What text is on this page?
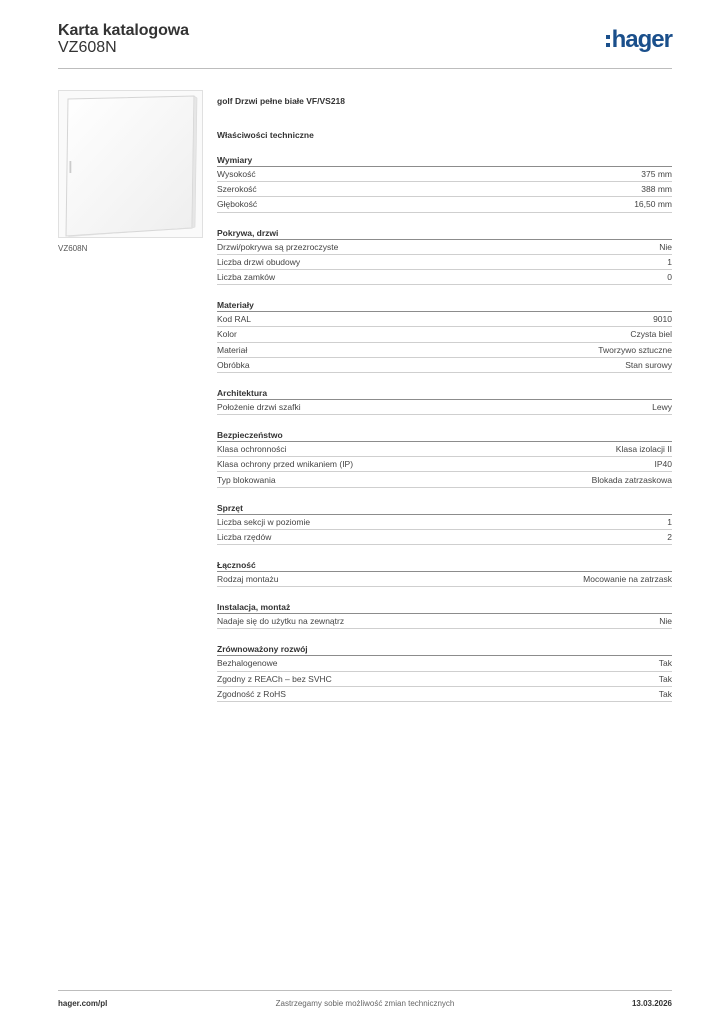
Karta katalogowa
VZ608N	hager
VZ608N
golf Drzwi pełne białe VF/VS218
Właściwości techniczne
Wymiary
Wysokość	375 mm
Szerokość	388 mm
Głębokość	16,50 mm
Pokrywa, drzwi
Drzwi/pokrywa są przezroczyste	Nie
Liczba drzwi obudowy	1
Liczba zamków	0
Materiały
Kod RAL	9010
Kolor	Czysta biel
Materiał	Tworzywo sztuczne
Obróbka	Stan surowy
Architektura
Położenie drzwi szafki	Lewy
Bezpieczeństwo
Klasa ochronności	Klasa izolacji II
Klasa ochrony przed wnikaniem (IP)	IP40
Typ blokowania	Blokada zatrzaskowa
Sprzęt
Liczba sekcji w poziomie	1
Liczba rzędów	2
Łączność
Rodzaj montażu	Mocowanie na zatrzask
Instalacja, montaż
Nadaje się do użytku na zewnątrz	Nie
Zrównoważony rozwój
Bezhalogenowe	Tak
Zgodny z REACh – bez SVHC	Tak
Zgodność z RoHS	Tak
Zastrzegamy sobie możliwość zmian technicznych
hager.com/pl	13.03.2026
